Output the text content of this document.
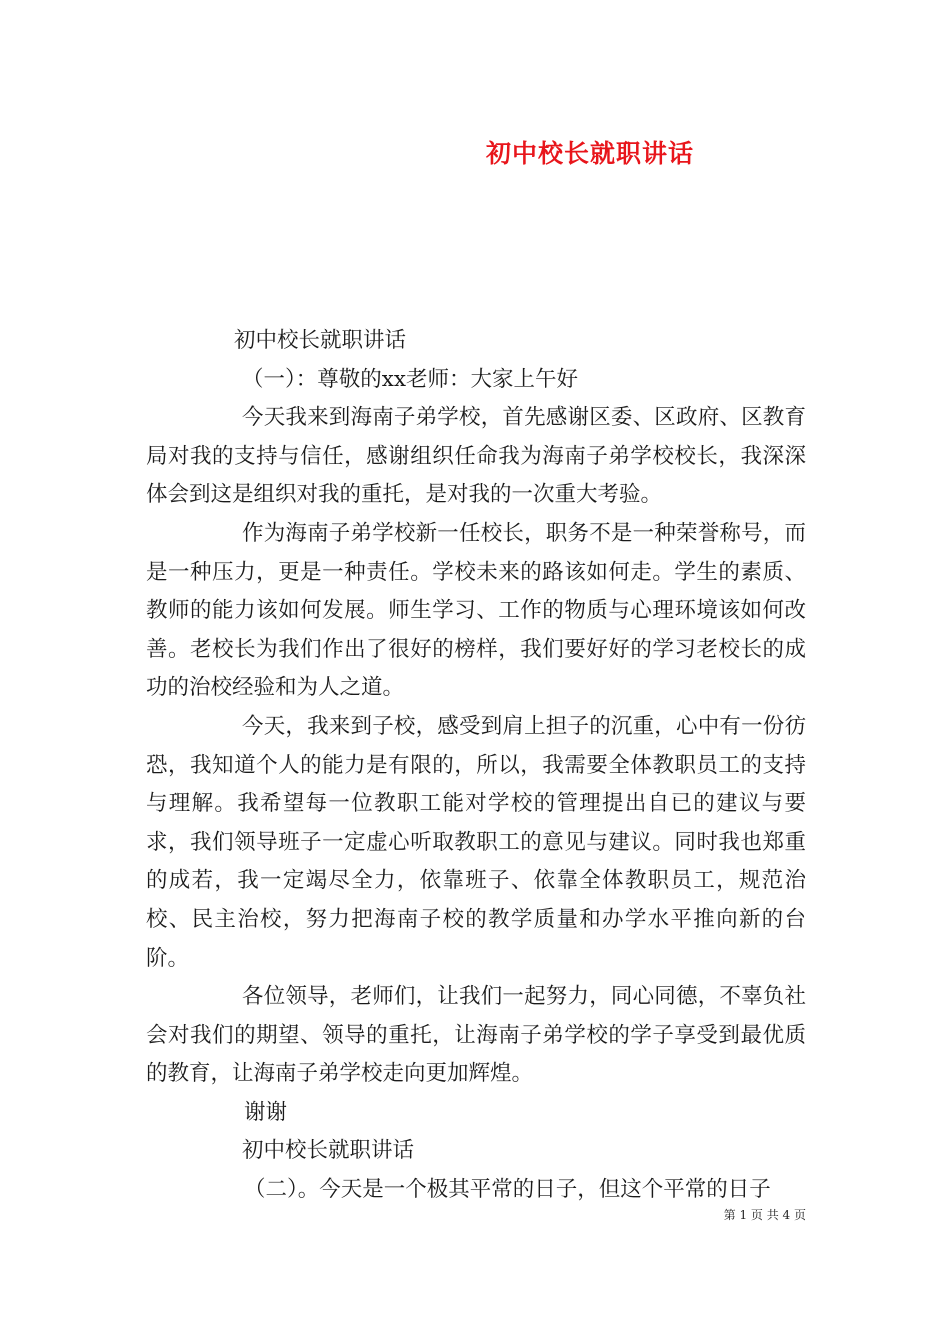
初中校长就职讲话

初中校长就职讲话

（一）：尊敬的xx老师：大家上午好

今天我来到海南子弟学校，首先感谢区委、区政府、区教育局对我的支持与信任，感谢组织任命我为海南子弟学校校长，我深深体会到这是组织对我的重托，是对我的一次重大考验。

作为海南子弟学校新一任校长，职务不是一种荣誉称号，而是一种压力，更是一种责任。学校未来的路该如何走。学生的素质、教师的能力该如何发展。师生学习、工作的物质与心理环境该如何改善。老校长为我们作出了很好的榜样，我们要好好的学习老校长的成功的治校经验和为人之道。

今天，我来到子校，感受到肩上担子的沉重，心中有一份彷恐，我知道个人的能力是有限的，所以，我需要全体教职员工的支持与理解。我希望每一位教职工能对学校的管理提出自已的建议与要求，我们领导班子一定虚心听取教职工的意见与建议。同时我也郑重的成若，我一定竭尽全力，依靠班子、依靠全体教职员工，规范治校、民主治校，努力把海南子校的教学质量和办学水平推向新的台阶。

各位领导，老师们，让我们一起努力，同心同德，不辜负社会对我们的期望、领导的重托，让海南子弟学校的学子享受到最优质的教育，让海南子弟学校走向更加辉煌。

谢谢

初中校长就职讲话

（二）。今天是一个极其平常的日子，但这个平常的日子

第 1 页 共 4 页
